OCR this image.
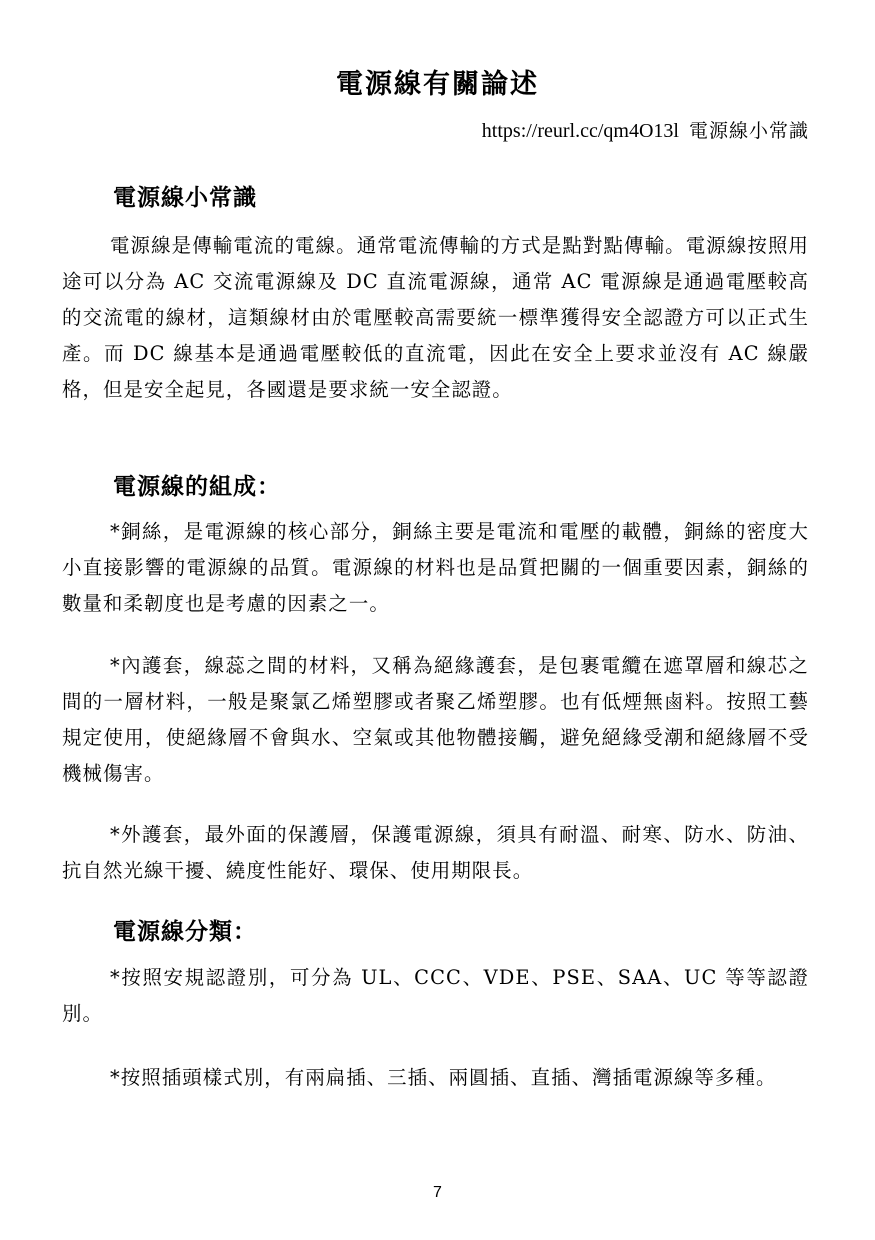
電源線有關論述
https://reurl.cc/qm4O13l 電源線小常識
電源線小常識

電源線是傳輸電流的電線。通常電流傳輸的方式是點對點傳輸。電源線按照用途可以分為 AC 交流電源線及 DC 直流電源線，通常 AC 電源線是通過電壓較高的交流電的線材，這類線材由於電壓較高需要統一標準獲得安全認證方可以正式生產。而 DC 線基本是通過電壓較低的直流電，因此在安全上要求並沒有 AC 線嚴格，但是安全起見，各國還是要求統一安全認證。

電源線的組成：

*銅絲，是電源線的核心部分，銅絲主要是電流和電壓的載體，銅絲的密度大小直接影響的電源線的品質。電源線的材料也是品質把關的一個重要因素，銅絲的數量和柔韌度也是考慮的因素之一。

*內護套，線蕊之間的材料，又稱為絕緣護套，是包裹電纜在遮罩層和線芯之間的一層材料，一般是聚氯乙烯塑膠或者聚乙烯塑膠。也有低煙無鹵料。按照工藝規定使用，使絕緣層不會與水、空氣或其他物體接觸，避免絕緣受潮和絕緣層不受機械傷害。

*外護套，最外面的保護層，保護電源線，須具有耐溫、耐寒、防水、防油、抗自然光線干擾、繞度性能好、環保、使用期限長。

電源線分類：

*按照安規認證別，可分為 UL、CCC、VDE、PSE、SAA、UC 等等認證別。

*按照插頭樣式別，有兩扁插、三插、兩圓插、直插、灣插電源線等多種。

7
